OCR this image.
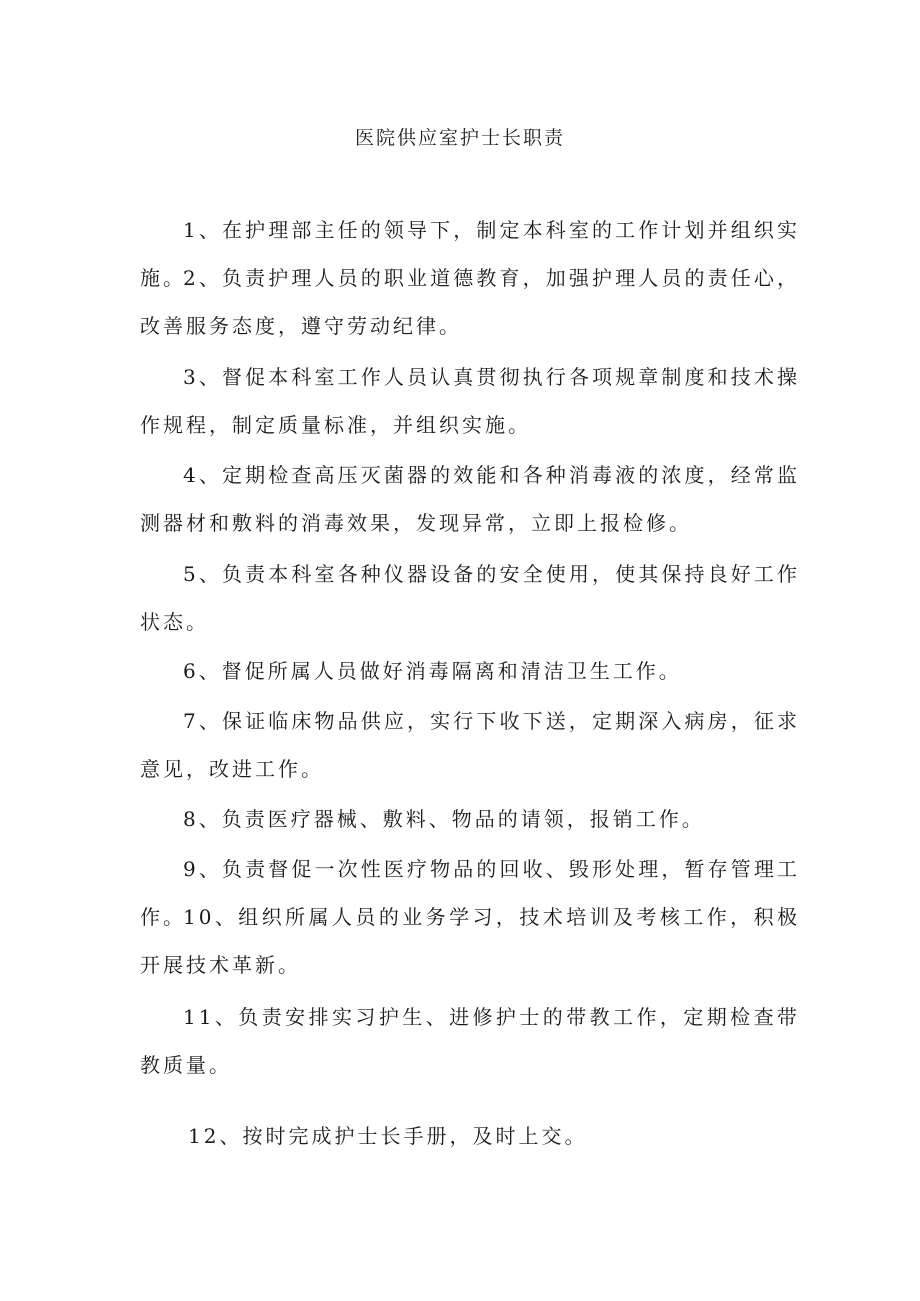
医院供应室护士长职责

1、在护理部主任的领导下，制定本科室的工作计划并组织实施。

2、负责护理人员的职业道德教育，加强护理人员的责任心，改善服务态度，遵守劳动纪律。

3、督促本科室工作人员认真贯彻执行各项规章制度和技术操作规程，制定质量标准，并组织实施。

4、定期检查高压灭菌器的效能和各种消毒液的浓度，经常监测器材和敷料的消毒效果，发现异常，立即上报检修。

5、负责本科室各种仪器设备的安全使用，使其保持良好工作状态。

6、督促所属人员做好消毒隔离和清洁卫生工作。

7、保证临床物品供应，实行下收下送，定期深入病房，征求意见，改进工作。

8、负责医疗器械、敷料、物品的请领，报销工作。

9、负责督促一次性医疗物品的回收、毁形处理，暂存管理工作。

10、组织所属人员的业务学习，技术培训及考核工作，积极开展技术革新。

11、负责安排实习护生、进修护士的带教工作，定期检查带教质量。

12、按时完成护士长手册，及时上交。
